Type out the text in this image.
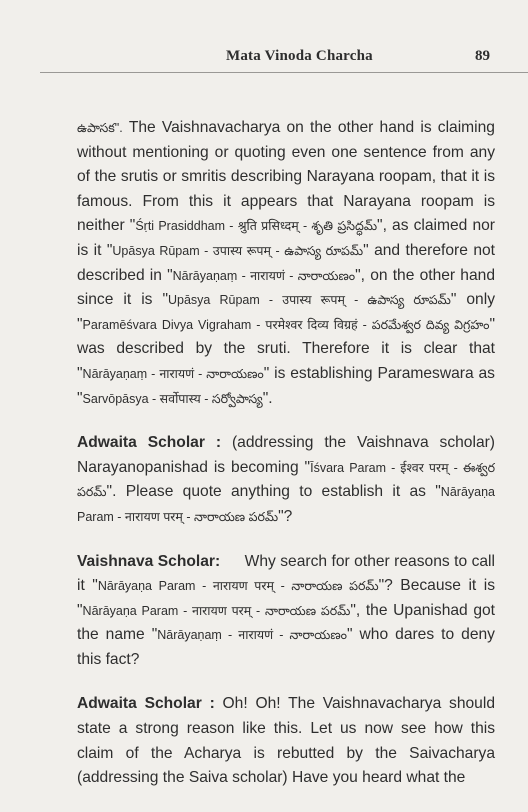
Mata Vinoda Charcha	89

ఉపాసక". The Vaishnavacharya on the other hand is claiming without mentioning or quoting even one sentence from any of the srutis or smritis describing Narayana roopam, that it is famous. From this it appears that Narayana roopam is neither "Śṛti Prasiddham - श्रुति प्रसिध्दम् - శృతి ప్రసిద్ధమ్", as claimed nor is it "Upāsya Rūpam - उपास्य रूपम् - ఉపాస్య రూపమ్" and therefore not described in "Nārāyaṇaṃ - नारायणं - నారాయణం", on the other hand since it is "Upāsya Rūpam - उपास्य रूपम् - ఉపాస్య రూపమ్" only "Paramēśvara Divya Vigraham - परमेश्वर दिव्य विग्रहं - పరమేశ్వర దివ్య విగ్రహం" was described by the sruti. Therefore it is clear that "Nārāyaṇaṃ - नारायणं - నారాయణం" is establishing Parameswara as "Sarvōpāsya - सर्वोपास्य - సర్వోపాస్య".

Adwaita Scholar : (addressing the Vaishnava scholar) Narayanopanishad is becoming "Īśvara Param - ईश्वर परम् - ఈశ్వర పరమ్". Please quote anything to establish it as "Nārāyaṇa Param - नारायण परम् - నారాయణ పరమ్"?

Vaishnava Scholar: Why search for other reasons to call it "Nārāyaṇa Param - नारायण परम् - నారాయణ పరమ్"? Because it is "Nārāyaṇa Param - नारायण परम् - నారాయణ పరమ్", the Upanishad got the name "Nārāyaṇaṃ - नारायणं - నారాయణం" who dares to deny this fact?

Adwaita Scholar : Oh! Oh! The Vaishnavacharya should state a strong reason like this. Let us now see how this claim of the Acharya is rebutted by the Saivacharya (addressing the Saiva scholar) Have you heard what the
